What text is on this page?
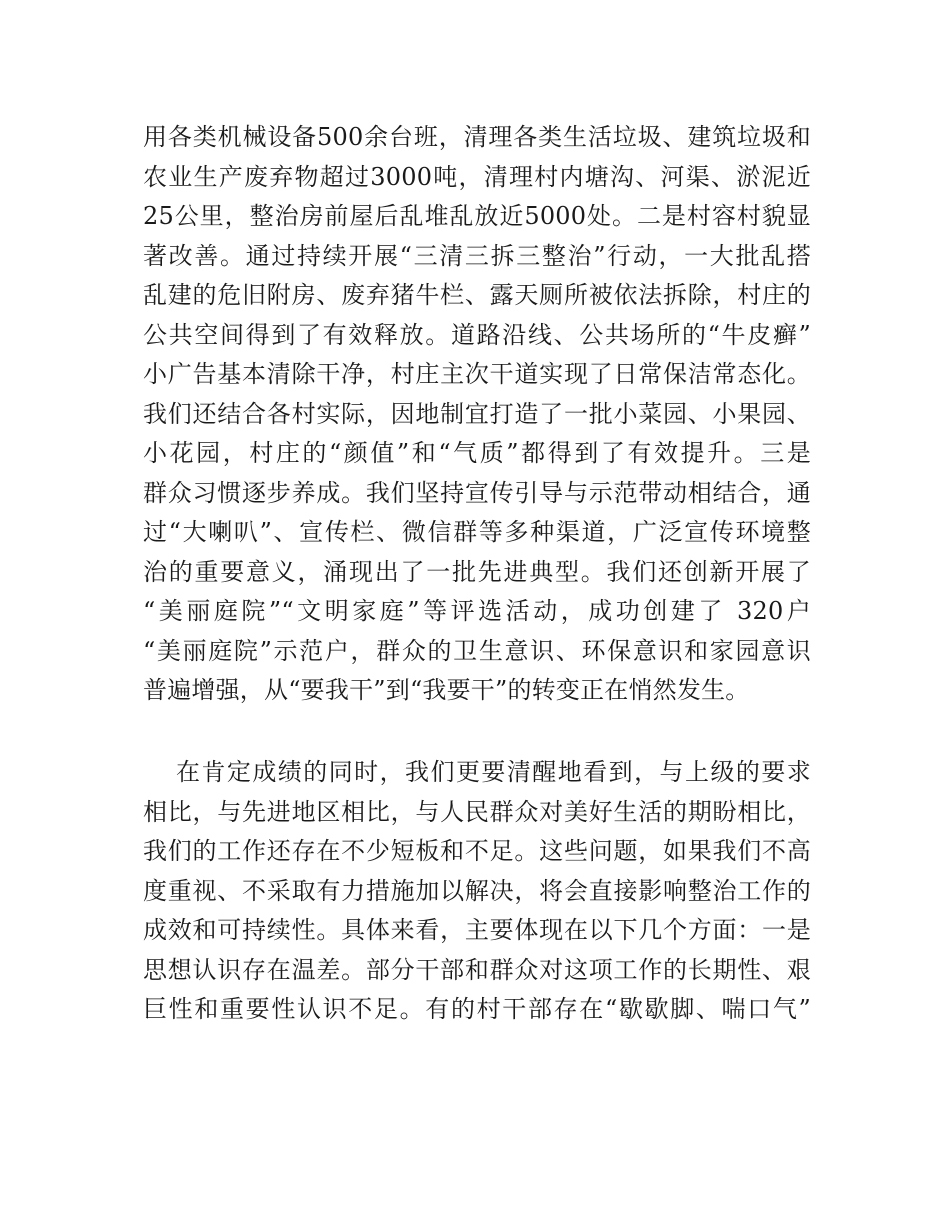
用各类机械设备500余台班，清理各类生活垃圾、建筑垃圾和
农业生产废弃物超过3000吨，清理村内塘沟、河渠、淤泥近
25公里，整治房前屋后乱堆乱放近5000处。二是村容村貌显
著改善。通过持续开展“三清三拆三整治”行动，一大批乱搭
乱建的危旧附房、废弃猪牛栏、露天厕所被依法拆除，村庄的
公共空间得到了有效释放。道路沿线、公共场所的“牛皮癣”
小广告基本清除干净，村庄主次干道实现了日常保洁常态化。
我们还结合各村实际，因地制宜打造了一批小菜园、小果园、
小花园，村庄的“颜值”和“气质”都得到了有效提升。三是
群众习惯逐步养成。我们坚持宣传引导与示范带动相结合，通
过“大喇叭”、宣传栏、微信群等多种渠道，广泛宣传环境整
治的重要意义，涌现出了一批先进典型。我们还创新开展了
“美丽庭院”“文明家庭”等评选活动，成功创建了 320户
“美丽庭院”示范户，群众的卫生意识、环保意识和家园意识
普遍增强，从“要我干”到“我要干”的转变正在悄然发生。
在肯定成绩的同时，我们更要清醒地看到，与上级的要求
相比，与先进地区相比，与人民群众对美好生活的期盼相比，
我们的工作还存在不少短板和不足。这些问题，如果我们不高
度重视、不采取有力措施加以解决，将会直接影响整治工作的
成效和可持续性。具体来看，主要体现在以下几个方面：一是
思想认识存在温差。部分干部和群众对这项工作的长期性、艰
巨性和重要性认识不足。有的村干部存在“歇歇脚、喘口气”
